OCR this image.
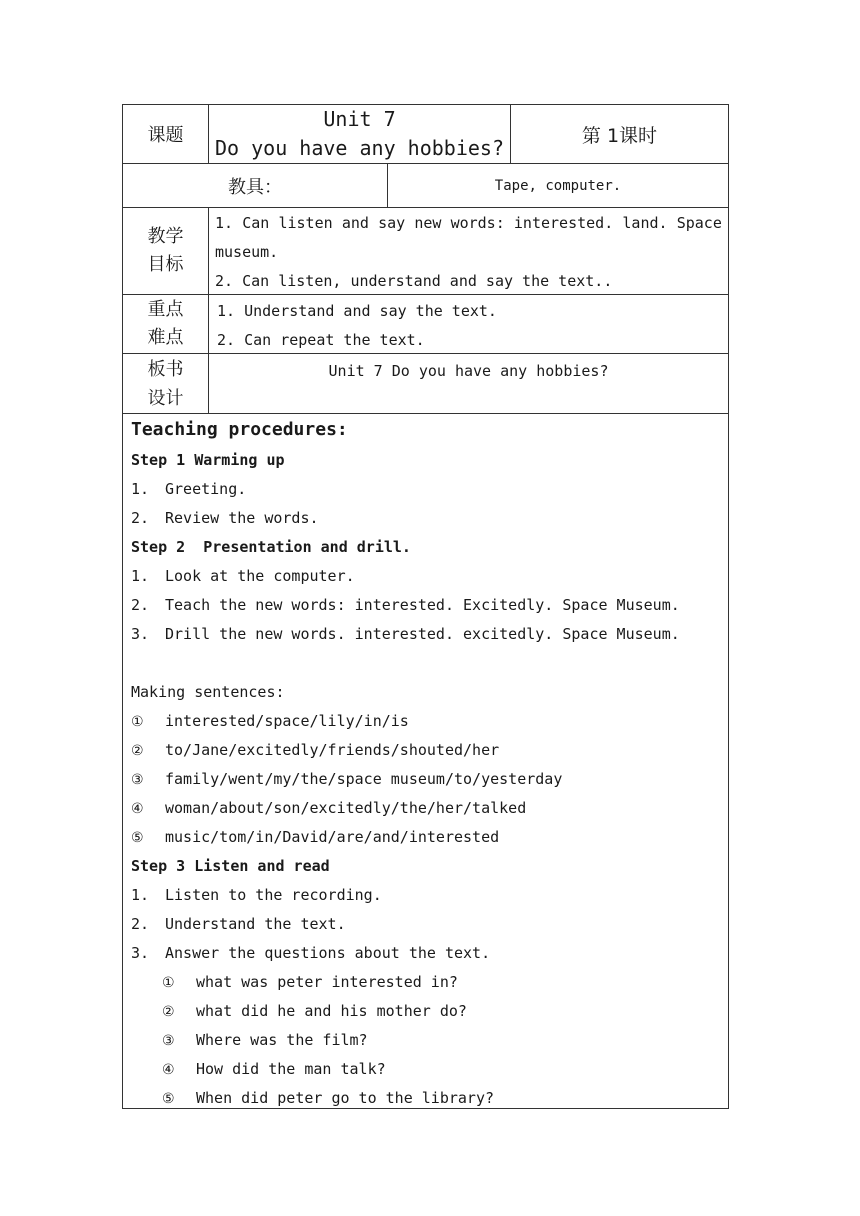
课题
Unit 7
Do you have any hobbies?
第 1课时
教具：	Tape, computer.
教学
目标
1. Can listen and say new words: interested. land. Space
museum.
2. Can listen, understand and say the text..
重点
难点
1. Understand and say the text.
2. Can repeat the text.
板书
设计
Unit 7 Do you have any hobbies?
Teaching procedures:
Step 1 Warming up
1. Greeting.
2. Review the words.
Step 2  Presentation and drill.
1. Look at the computer.
2. Teach the new words: interested. Excitedly. Space Museum.
3. Drill the new words. interested. excitedly. Space Museum.
Making sentences:
① interested/space/lily/in/is
② to/Jane/excitedly/friends/shouted/her
③ family/went/my/the/space museum/to/yesterday
④ woman/about/son/excitedly/the/her/talked
⑤ music/tom/in/David/are/and/interested
Step 3 Listen and read
1. Listen to the recording.
2. Understand the text.
3. Answer the questions about the text.
① what was peter interested in?
② what did he and his mother do?
③ Where was the film?
④ How did the man talk?
⑤ When did peter go to the library?
